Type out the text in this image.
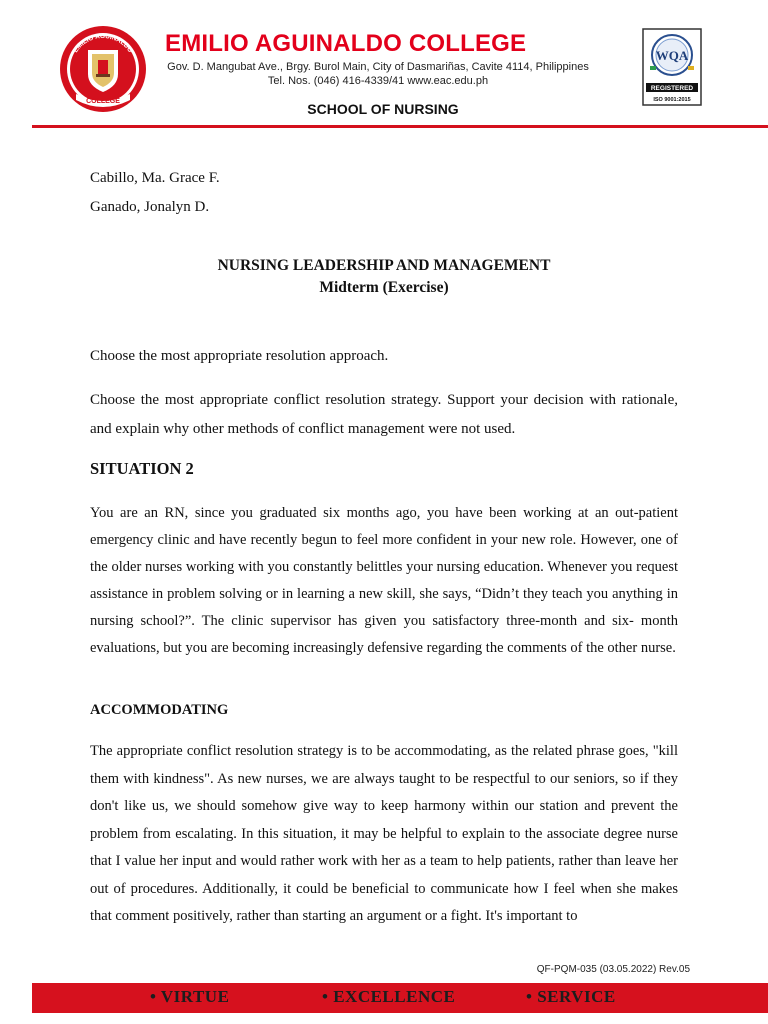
COLLEGE
EMILIO AGUINALDO EMILIO AGUINALDO COLLEGE
Gov. D. Mangubat Ave., Brgy. Burol Main, City of Dasmariñas, Cavite 4114, Philippines
Tel. Nos. (046) 416-4339/41 www.eac.edu.ph
SCHOOL OF NURSING
WQA
REGISTERED
ISO 9001:2015
Cabillo, Ma. Grace F.
Ganado, Jonalyn D.
NURSING LEADERSHIP AND MANAGEMENT
Midterm (Exercise)
Choose the most appropriate resolution approach.
Choose the most appropriate conflict resolution strategy. Support your decision with rationale, and explain why other methods of conflict management were not used.
SITUATION 2
You are an RN, since you graduated six months ago, you have been working at an out-patient emergency clinic and have recently begun to feel more confident in your new role. However, one of the older nurses working with you constantly belittles your nursing education. Whenever you request assistance in problem solving or in learning a new skill, she says, “Didn’t they teach you anything in nursing school?”. The clinic supervisor has given you satisfactory three-month and six- month evaluations, but you are becoming increasingly defensive regarding the comments of the other nurse.
ACCOMMODATING
The appropriate conflict resolution strategy is to be accommodating, as the related phrase goes, "kill them with kindness". As new nurses, we are always taught to be respectful to our seniors, so if they don't like us, we should somehow give way to keep harmony within our station and prevent the problem from escalating. In this situation, it may be helpful to explain to the associate degree nurse that I value her input and would rather work with her as a team to help patients, rather than leave her out of procedures. Additionally, it could be beneficial to communicate how I feel when she makes that comment positively, rather than starting an argument or a fight. It's important to
QF-PQM-035 (03.05.2022) Rev.05
• VIRTUE	• EXCELLENCE	• SERVICE
